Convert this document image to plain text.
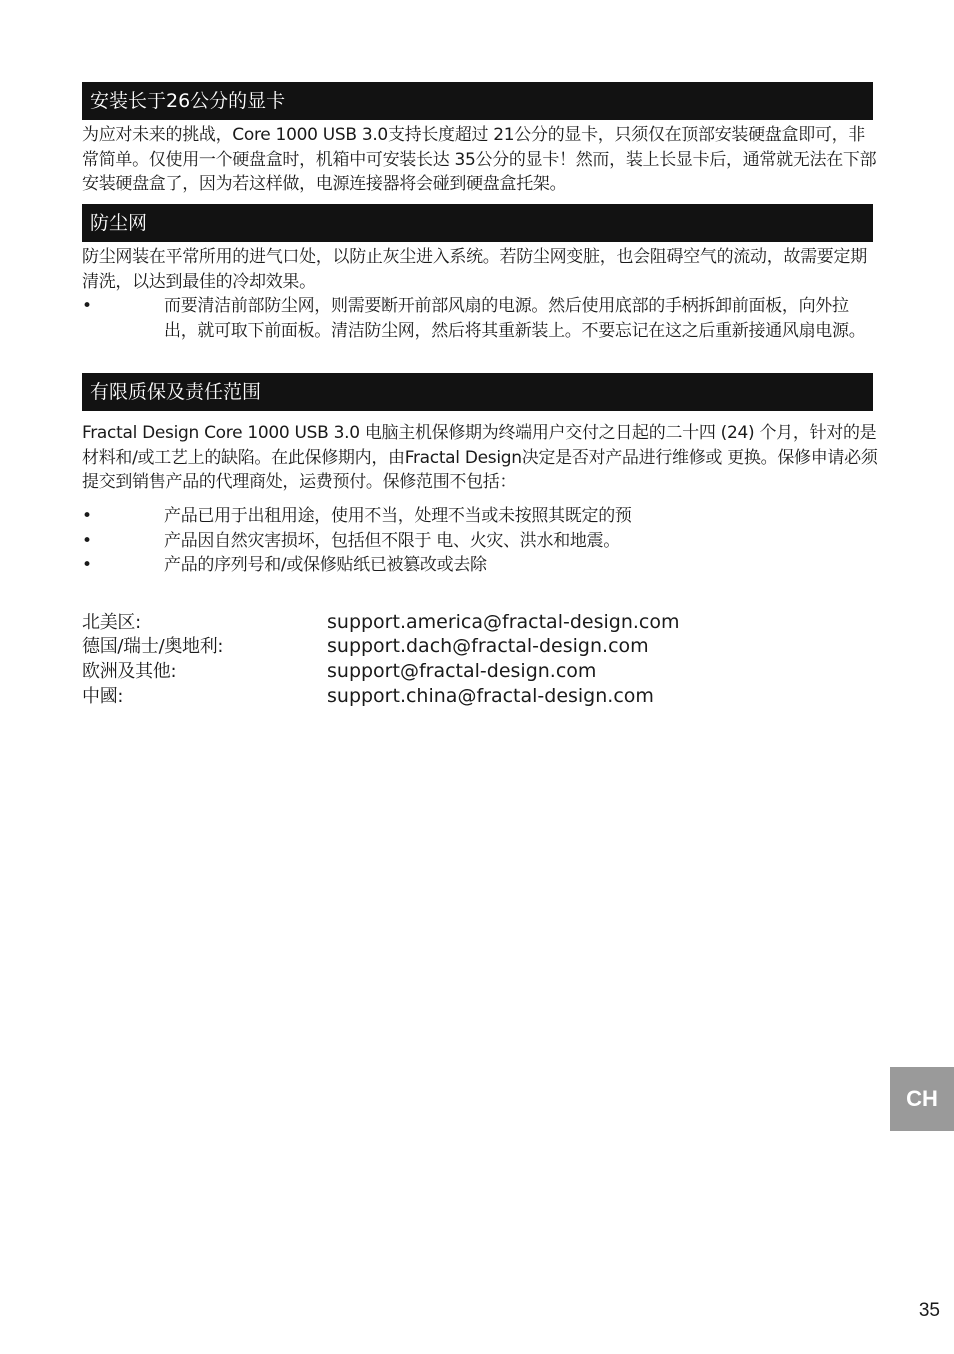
安装长于26公分的显卡

为应对未来的挑战，Core 1000 USB 3.0支持长度超过 21公分的显卡，只须仅在顶部安装硬盘盒即可，非常简单。仅使用一个硬盘盒时，机箱中可安装长达 35公分的显卡！然而，装上长显卡后，通常就无法在下部安装硬盘盒了，因为若这样做，电源连接器将会碰到硬盘盒托架。

防尘网

防尘网装在平常所用的进气口处，以防止灰尘进入系统。若防尘网变脏，也会阻碍空气的流动，故需要定期清洗，以达到最佳的冷却效果。

•	而要清洁前部防尘网，则需要断开前部风扇的电源。然后使用底部的手柄拆卸前面板，向外拉出，就可取下前面板。清洁防尘网，然后将其重新装上。不要忘记在这之后重新接通风扇电源。
有限质保及责任范围

Fractal Design Core 1000 USB 3.0 电脑主机保修期为终端用户交付之日起的二十四 (24) 个月，针对的是材料和/或工艺上的缺陷。在此保修期内，由Fractal Design决定是否对产品进行维修或 更换。保修申请必须提交到销售产品的代理商处，运费预付。保修范围不包括：

•	产品已用于出租用途，使用不当，处理不当或未按照其既定的预
•	产品因自然灾害损坏，包括但不限于 电、火灾、洪水和地震。
•	产品的序列号和/或保修贴纸已被篡改或去除
北美区:	support.america@fractal-design.com
德国/瑞士/奥地利:	support.dach@fractal-design.com
欧洲及其他:	support@fractal-design.com
中國:	support.china@fractal-design.com
CH
35
